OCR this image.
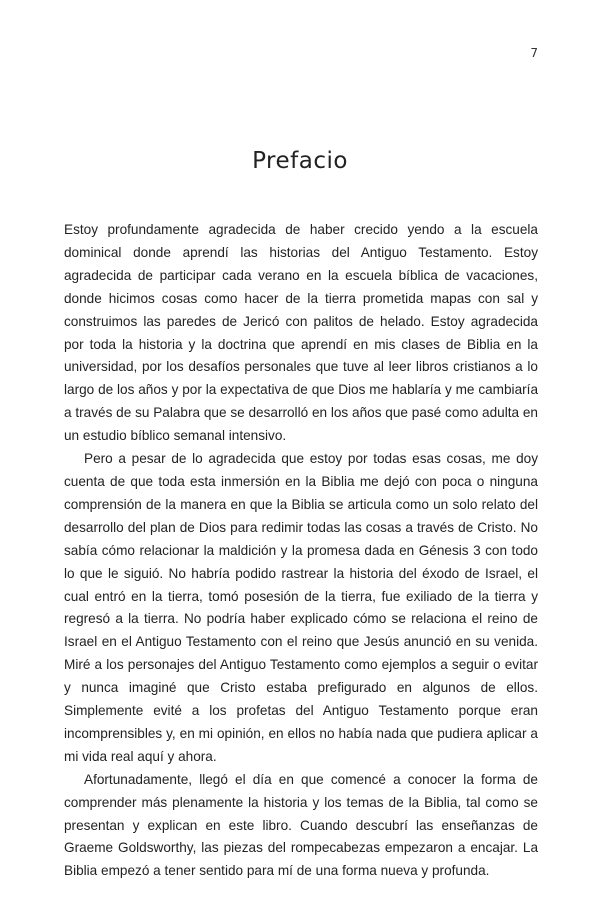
7
Prefacio

Estoy profundamente agradecida de haber crecido yendo a la escuela dominical donde aprendí las historias del Antiguo Testamento. Estoy agradecida de participar cada verano en la escuela bíblica de vacaciones, donde hicimos cosas como hacer de la tierra prometida mapas con sal y construimos las paredes de Jericó con palitos de helado. Estoy agradecida por toda la historia y la doctrina que aprendí en mis clases de Biblia en la universidad, por los desafíos personales que tuve al leer libros cristianos a lo largo de los años y por la expectativa de que Dios me hablaría y me cambiaría a través de su Palabra que se desarrolló en los años que pasé como adulta en un estudio bíblico semanal intensivo.

Pero a pesar de lo agradecida que estoy por todas esas cosas, me doy cuenta de que toda esta inmersión en la Biblia me dejó con poca o ninguna comprensión de la manera en que la Biblia se articula como un solo relato del desarrollo del plan de Dios para redimir todas las cosas a través de Cristo. No sabía cómo relacionar la maldición y la promesa dada en Génesis 3 con todo lo que le siguió. No habría podido rastrear la historia del éxodo de Israel, el cual entró en la tierra, tomó posesión de la tierra, fue exiliado de la tierra y regresó a la tierra. No podría haber explicado cómo se relaciona el reino de Israel en el Antiguo Testamento con el reino que Jesús anunció en su venida. Miré a los personajes del Antiguo Testamento como ejemplos a seguir o evitar y nunca imaginé que Cristo estaba prefigurado en algunos de ellos. Simplemente evité a los profetas del Antiguo Testamento porque eran incomprensibles y, en mi opinión, en ellos no había nada que pudiera aplicar a mi vida real aquí y ahora.

Afortunadamente, llegó el día en que comencé a conocer la forma de comprender más plenamente la historia y los temas de la Biblia, tal como se presentan y explican en este libro. Cuando descubrí las enseñanzas de Graeme Goldsworthy, las piezas del rompecabezas empezaron a encajar. La Biblia empezó a tener sentido para mí de una forma nueva y profunda.
